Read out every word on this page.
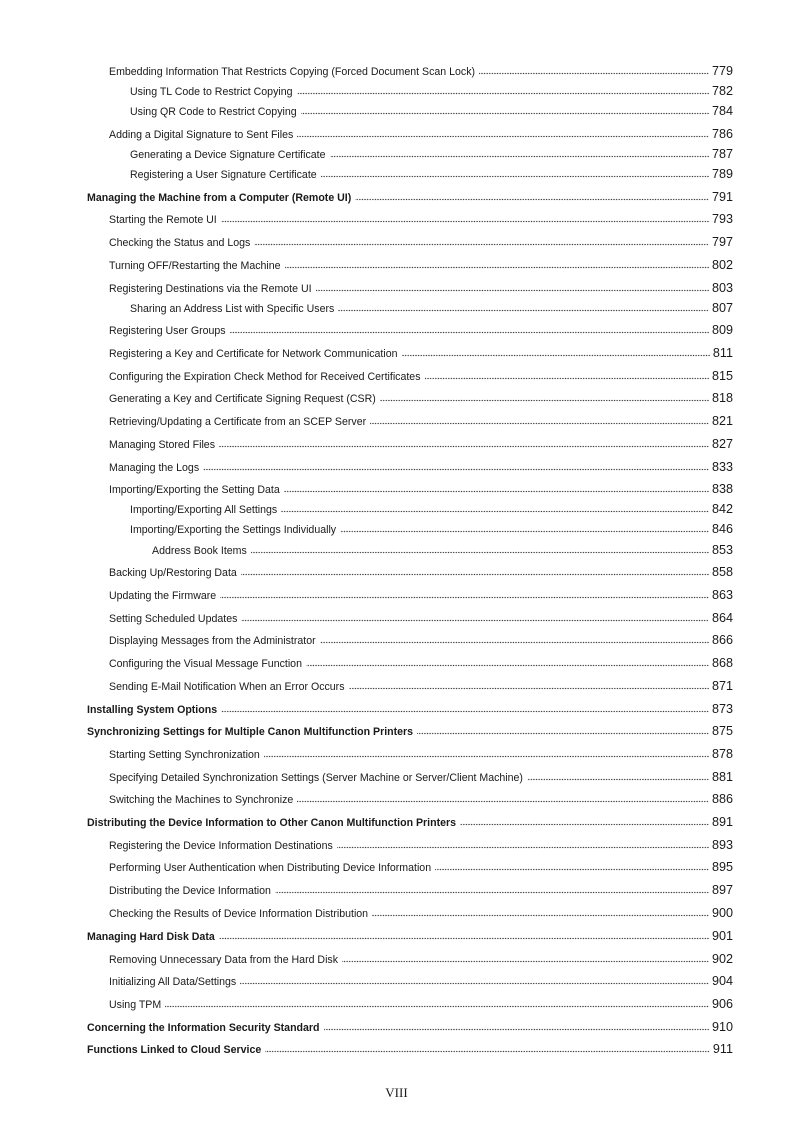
Embedding Information That Restricts Copying (Forced Document Scan Lock)	779
Using TL Code to Restrict Copying	782
Using QR Code to Restrict Copying	784
Adding a Digital Signature to Sent Files	786
Generating a Device Signature Certificate	787
Registering a User Signature Certificate	789
Managing the Machine from a Computer (Remote UI)	791
Starting the Remote UI	793
Checking the Status and Logs	797
Turning OFF/Restarting the Machine	802
Registering Destinations via the Remote UI	803
Sharing an Address List with Specific Users	807
Registering User Groups	809
Registering a Key and Certificate for Network Communication	811
Configuring the Expiration Check Method for Received Certificates	815
Generating a Key and Certificate Signing Request (CSR)	818
Retrieving/Updating a Certificate from an SCEP Server	821
Managing Stored Files	827
Managing the Logs	833
Importing/Exporting the Setting Data	838
Importing/Exporting All Settings	842
Importing/Exporting the Settings Individually	846
Address Book Items	853
Backing Up/Restoring Data	858
Updating the Firmware	863
Setting Scheduled Updates	864
Displaying Messages from the Administrator	866
Configuring the Visual Message Function	868
Sending E-Mail Notification When an Error Occurs	871
Installing System Options	873
Synchronizing Settings for Multiple Canon Multifunction Printers	875
Starting Setting Synchronization	878
Specifying Detailed Synchronization Settings (Server Machine or Server/Client Machine)	881
Switching the Machines to Synchronize	886
Distributing the Device Information to Other Canon Multifunction Printers	891
Registering the Device Information Destinations	893
Performing User Authentication when Distributing Device Information	895
Distributing the Device Information	897
Checking the Results of Device Information Distribution	900
Managing Hard Disk Data	901
Removing Unnecessary Data from the Hard Disk	902
Initializing All Data/Settings	904
Using TPM	906
Concerning the Information Security Standard	910
Functions Linked to Cloud Service	911
VIII
